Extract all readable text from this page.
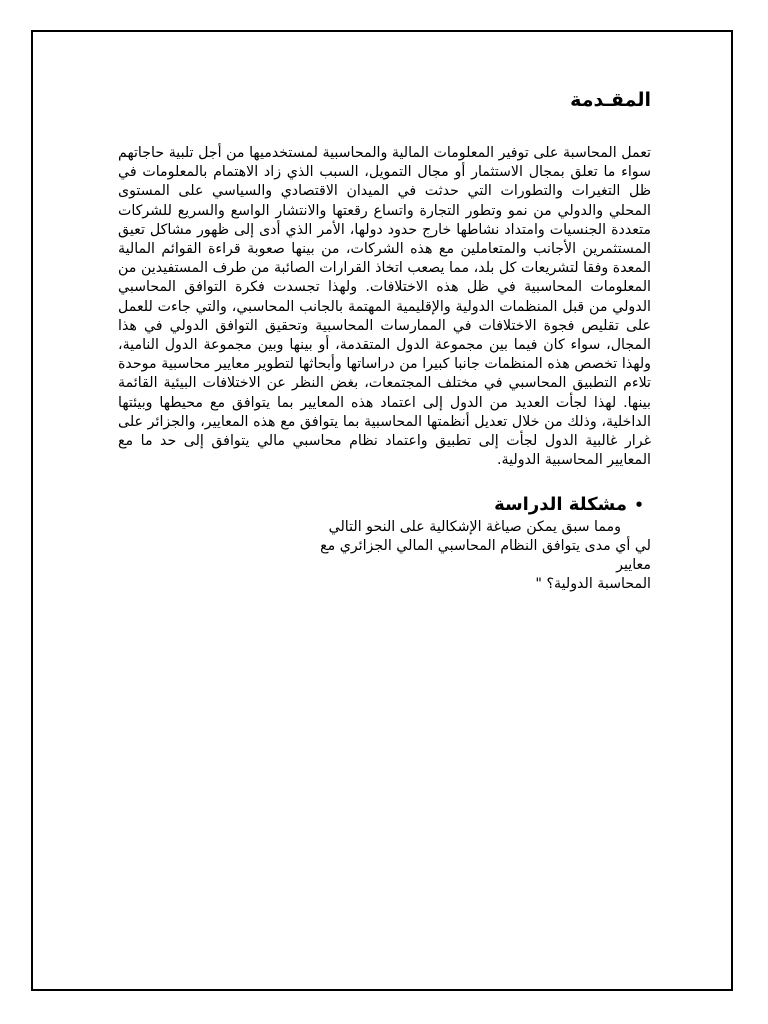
المقـدمة

تعمل المحاسبة على توفير المعلومات المالية والمحاسبية لمستخدميها من أجل تلبية حاجاتهم سواء ما تعلق بمجال الاستثمار أو مجال التمويل، السبب الذي زاد الاهتمام بالمعلومات في ظل التغيرات والتطورات التي حدثت في الميدان الاقتصادي والسياسي على المستوى المحلي والدولي من نمو وتطور التجارة واتساع رقعتها والانتشار الواسع والسريع للشركات متعددة الجنسيات وامتداد نشاطها خارج حدود دولها، الأمر الذي أدى إلى ظهور مشاكل تعيق المستثمرين الأجانب والمتعاملين مع هذه الشركات، من بينها صعوبة قراءة القوائم المالية المعدة وفقا لتشريعات كل بلد، مما يصعب اتخاذ القرارات الصائبة من طرف المستفيدين من المعلومات المحاسبية في ظل هذه الاختلافات. ولهذا تجسدت فكرة التوافق المحاسبي الدولي من قبل المنظمات الدولية والإقليمية المهتمة بالجانب المحاسبي، والتي جاءت للعمل على تقليص فجوة الاختلافات في الممارسات المحاسبية وتحقيق التوافق الدولي في هذا المجال، سواء كان فيما بين مجموعة الدول المتقدمة، أو بينها وبين مجموعة الدول النامية، ولهذا تخصص هذه المنظمات جانبا كبيرا من دراساتها وأبحاثها لتطوير معايير محاسبية موحدة تلاءم التطبيق المحاسبي في مختلف المجتمعات، بغض النظر عن الاختلافات البيئية القائمة بينها. لهذا لجأت العديد من الدول إلى اعتماد هذه المعايير بما يتوافق مع محيطها وبيئتها الداخلية، وذلك من خلال تعديل أنظمتها المحاسبية بما يتوافق مع هذه المعايير، والجزائر على غرار غالبية الدول لجأت إلى تطبيق واعتماد نظام محاسبي مالي يتوافق إلى حد ما مع المعايير المحاسبية الدولية.

•
مشكلة الدراسة
ومما سبق يمكن صياغة الإشكالية على النحو التالي
لي أي مدى يتوافق النظام المحاسبي المالي الجزائري مع معايير
المحاسبة الدولية؟ "
